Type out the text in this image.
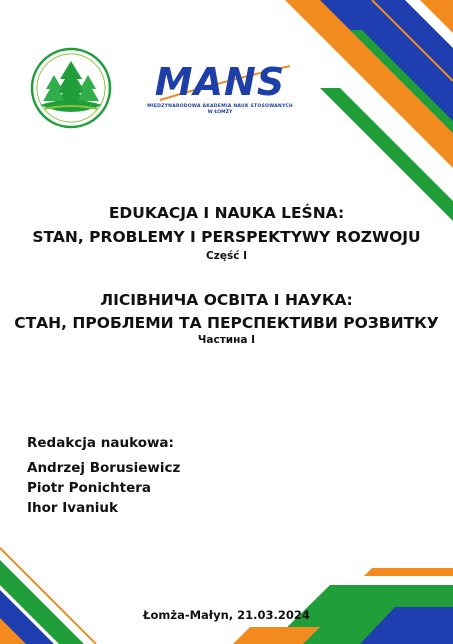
MANS
MIĘDZYNARODOWA AKADEMIA NAUK STOSOWANYCH
W ŁOMŻY
EDUKACJA I NAUKA LEŚNA:
STAN, PROBLEMY I PERSPEKTYWY ROZWOJU
Część I
ЛІСІВНИЧА ОСВІТА І НАУКА:
СТАН, ПРОБЛЕМИ ТА ПЕРСПЕКТИВИ РОЗВИТКУ
Частина I
Redakcja naukowa:
Andrzej Borusiewicz
Piotr Ponichtera
Ihor Ivaniuk
Łomża-Małyn, 21.03.2024
